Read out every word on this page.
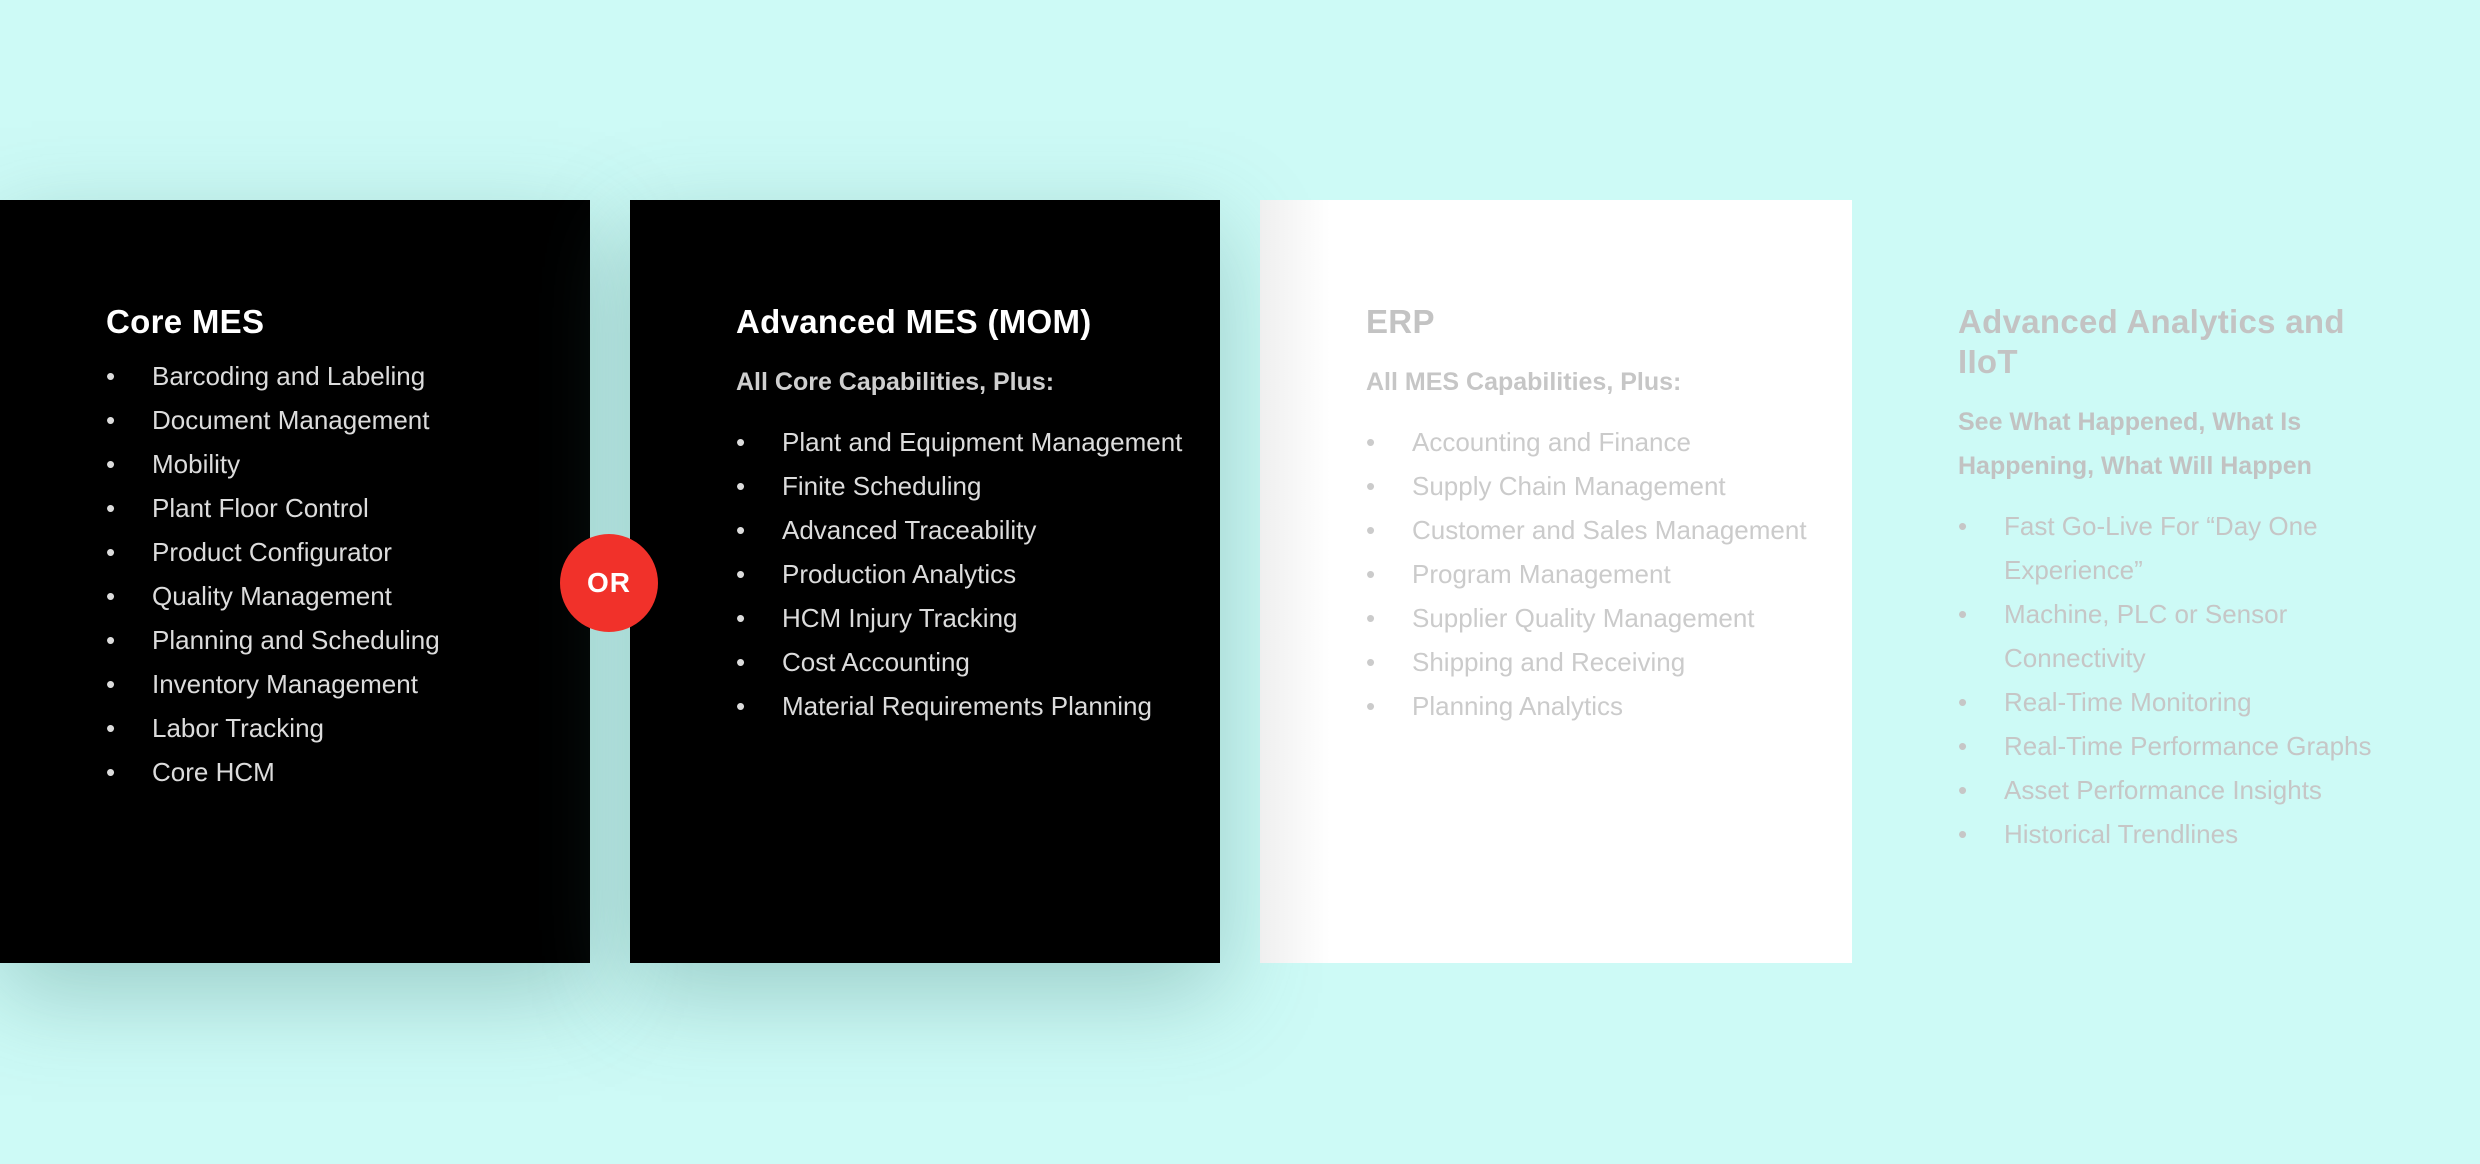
Core MES
• Barcoding and Labeling
• Document Management
• Mobility
• Plant Floor Control
• Product Configurator
• Quality Management
• Planning and Scheduling
• Inventory Management
• Labor Tracking
• Core HCM
OR
Advanced MES (MOM)
All Core Capabilities, Plus:
• Plant and Equipment Management
• Finite Scheduling
• Advanced Traceability
• Production Analytics
• HCM Injury Tracking
• Cost Accounting
• Material Requirements Planning
ERP
All MES Capabilities, Plus:
• Accounting and Finance
• Supply Chain Management
• Customer and Sales Management
• Program Management
• Supplier Quality Management
• Shipping and Receiving
• Planning Analytics
Advanced Analytics and IIoT
See What Happened, What Is Happening, What Will Happen
• Fast Go-Live For “Day One Experience”
• Machine, PLC or Sensor Connectivity
• Real-Time Monitoring
• Real-Time Performance Graphs
• Asset Performance Insights
• Historical Trendlines
